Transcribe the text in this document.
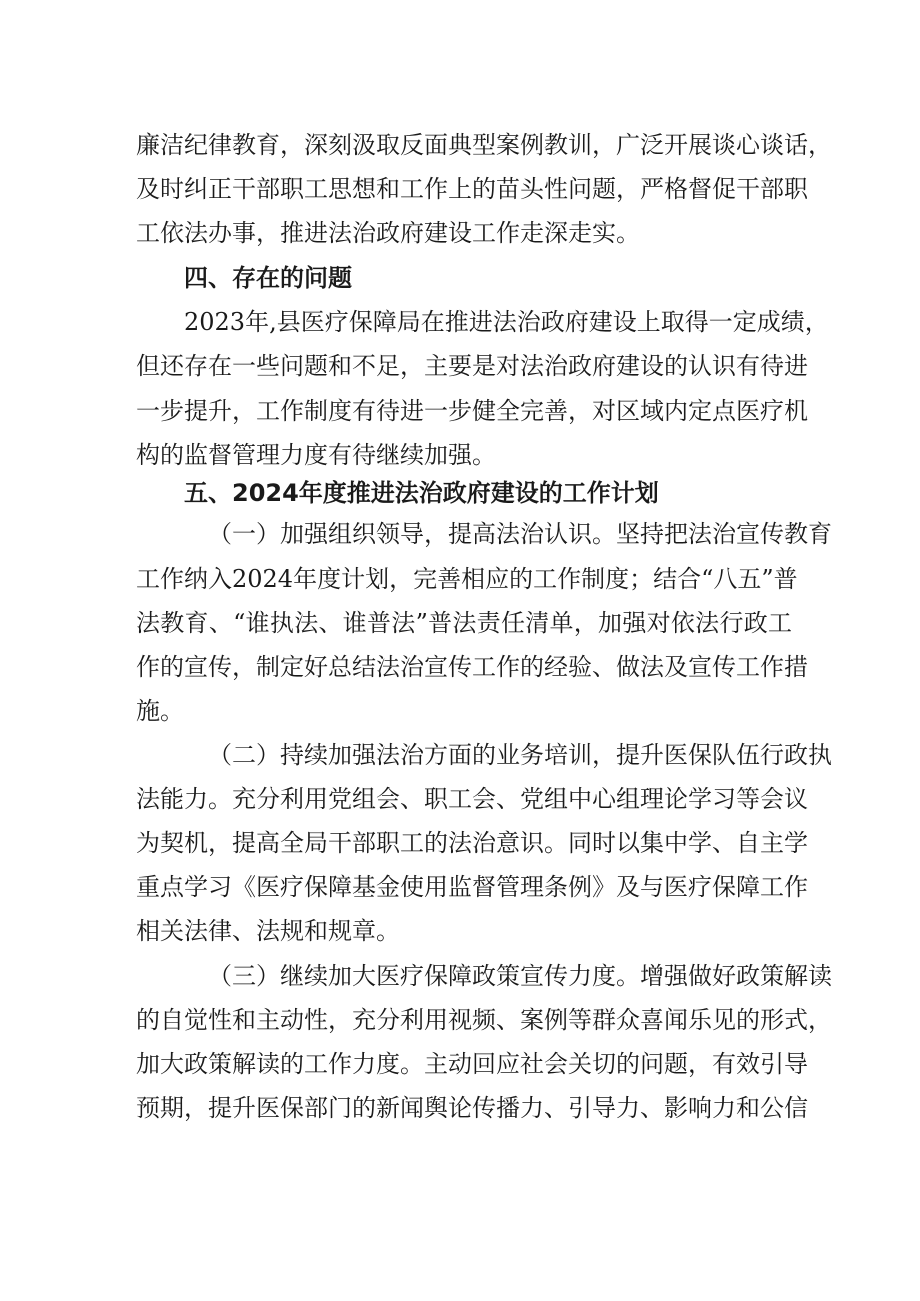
廉洁纪律教育，深刻汲取反面典型案例教训，广泛开展谈心谈话，
及时纠正干部职工思想和工作上的苗头性问题，严格督促干部职
工依法办事，推进法治政府建设工作走深走实。
四、存在的问题
2023年,县医疗保障局在推进法治政府建设上取得一定成绩，
但还存在一些问题和不足，主要是对法治政府建设的认识有待进
一步提升，工作制度有待进一步健全完善，对区域内定点医疗机
构的监督管理力度有待继续加强。
五、2024年度推进法治政府建设的工作计划
（一）加强组织领导，提高法治认识。坚持把法治宣传教育
工作纳入2024年度计划，完善相应的工作制度；结合“八五”普
法教育、“谁执法、谁普法”普法责任清单，加强对依法行政工
作的宣传，制定好总结法治宣传工作的经验、做法及宣传工作措
施。
（二）持续加强法治方面的业务培训，提升医保队伍行政执
法能力。充分利用党组会、职工会、党组中心组理论学习等会议
为契机，提高全局干部职工的法治意识。同时以集中学、自主学
重点学习《医疗保障基金使用监督管理条例》及与医疗保障工作
相关法律、法规和规章。
（三）继续加大医疗保障政策宣传力度。增强做好政策解读
的自觉性和主动性，充分利用视频、案例等群众喜闻乐见的形式，
加大政策解读的工作力度。主动回应社会关切的问题，有效引导
预期，提升医保部门的新闻舆论传播力、引导力、影响力和公信
